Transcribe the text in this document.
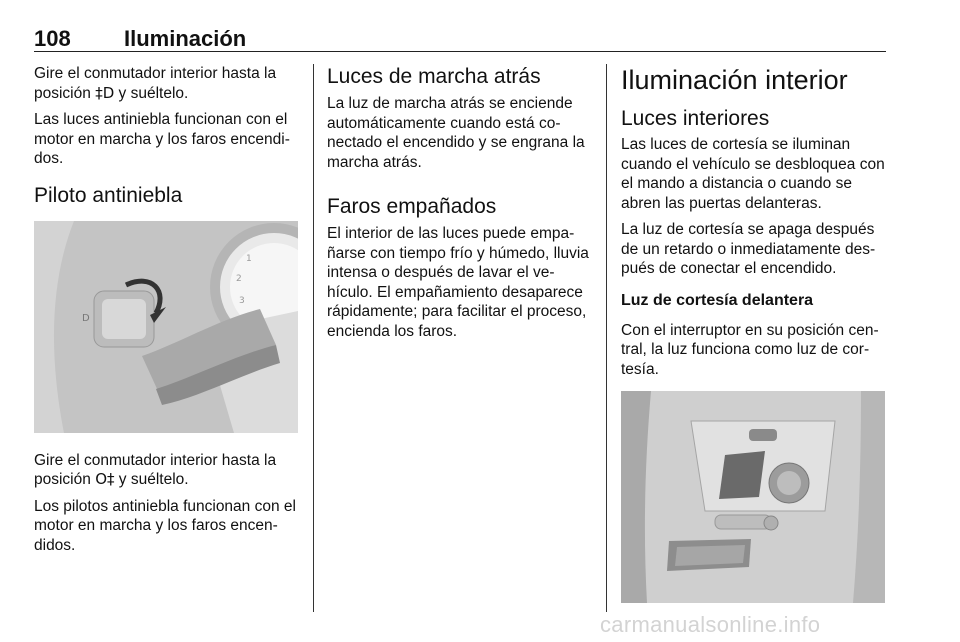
108 Iluminación

Gire el conmutador interior hasta la posición ‡D y suéltelo.

Las luces antiniebla funcionan con el motor en marcha y los faros encendidos.

Piloto antiniebla
1
2
3
D

Gire el conmutador interior hasta la posición O‡ y suéltelo.

Los pilotos antiniebla funcionan con el motor en marcha y los faros encendidos.

Luces de marcha atrás

La luz de marcha atrás se enciende automáticamente cuando está conectado el encendido y se engrana la marcha atrás.

Faros empañados

El interior de las luces puede empañarse con tiempo frío y húmedo, lluvia intensa o después de lavar el vehículo. El empañamiento desaparece rápidamente; para facilitar el proceso, encienda los faros.

Iluminación interior
Luces interiores

Las luces de cortesía se iluminan cuando el vehículo se desbloquea con el mando a distancia o cuando se abren las puertas delanteras.

La luz de cortesía se apaga después de un retardo o inmediatamente después de conectar el encendido.

Luz de cortesía delantera

Con el interruptor en su posición central, la luz funciona como luz de cortesía.

carmanualsonline.info
